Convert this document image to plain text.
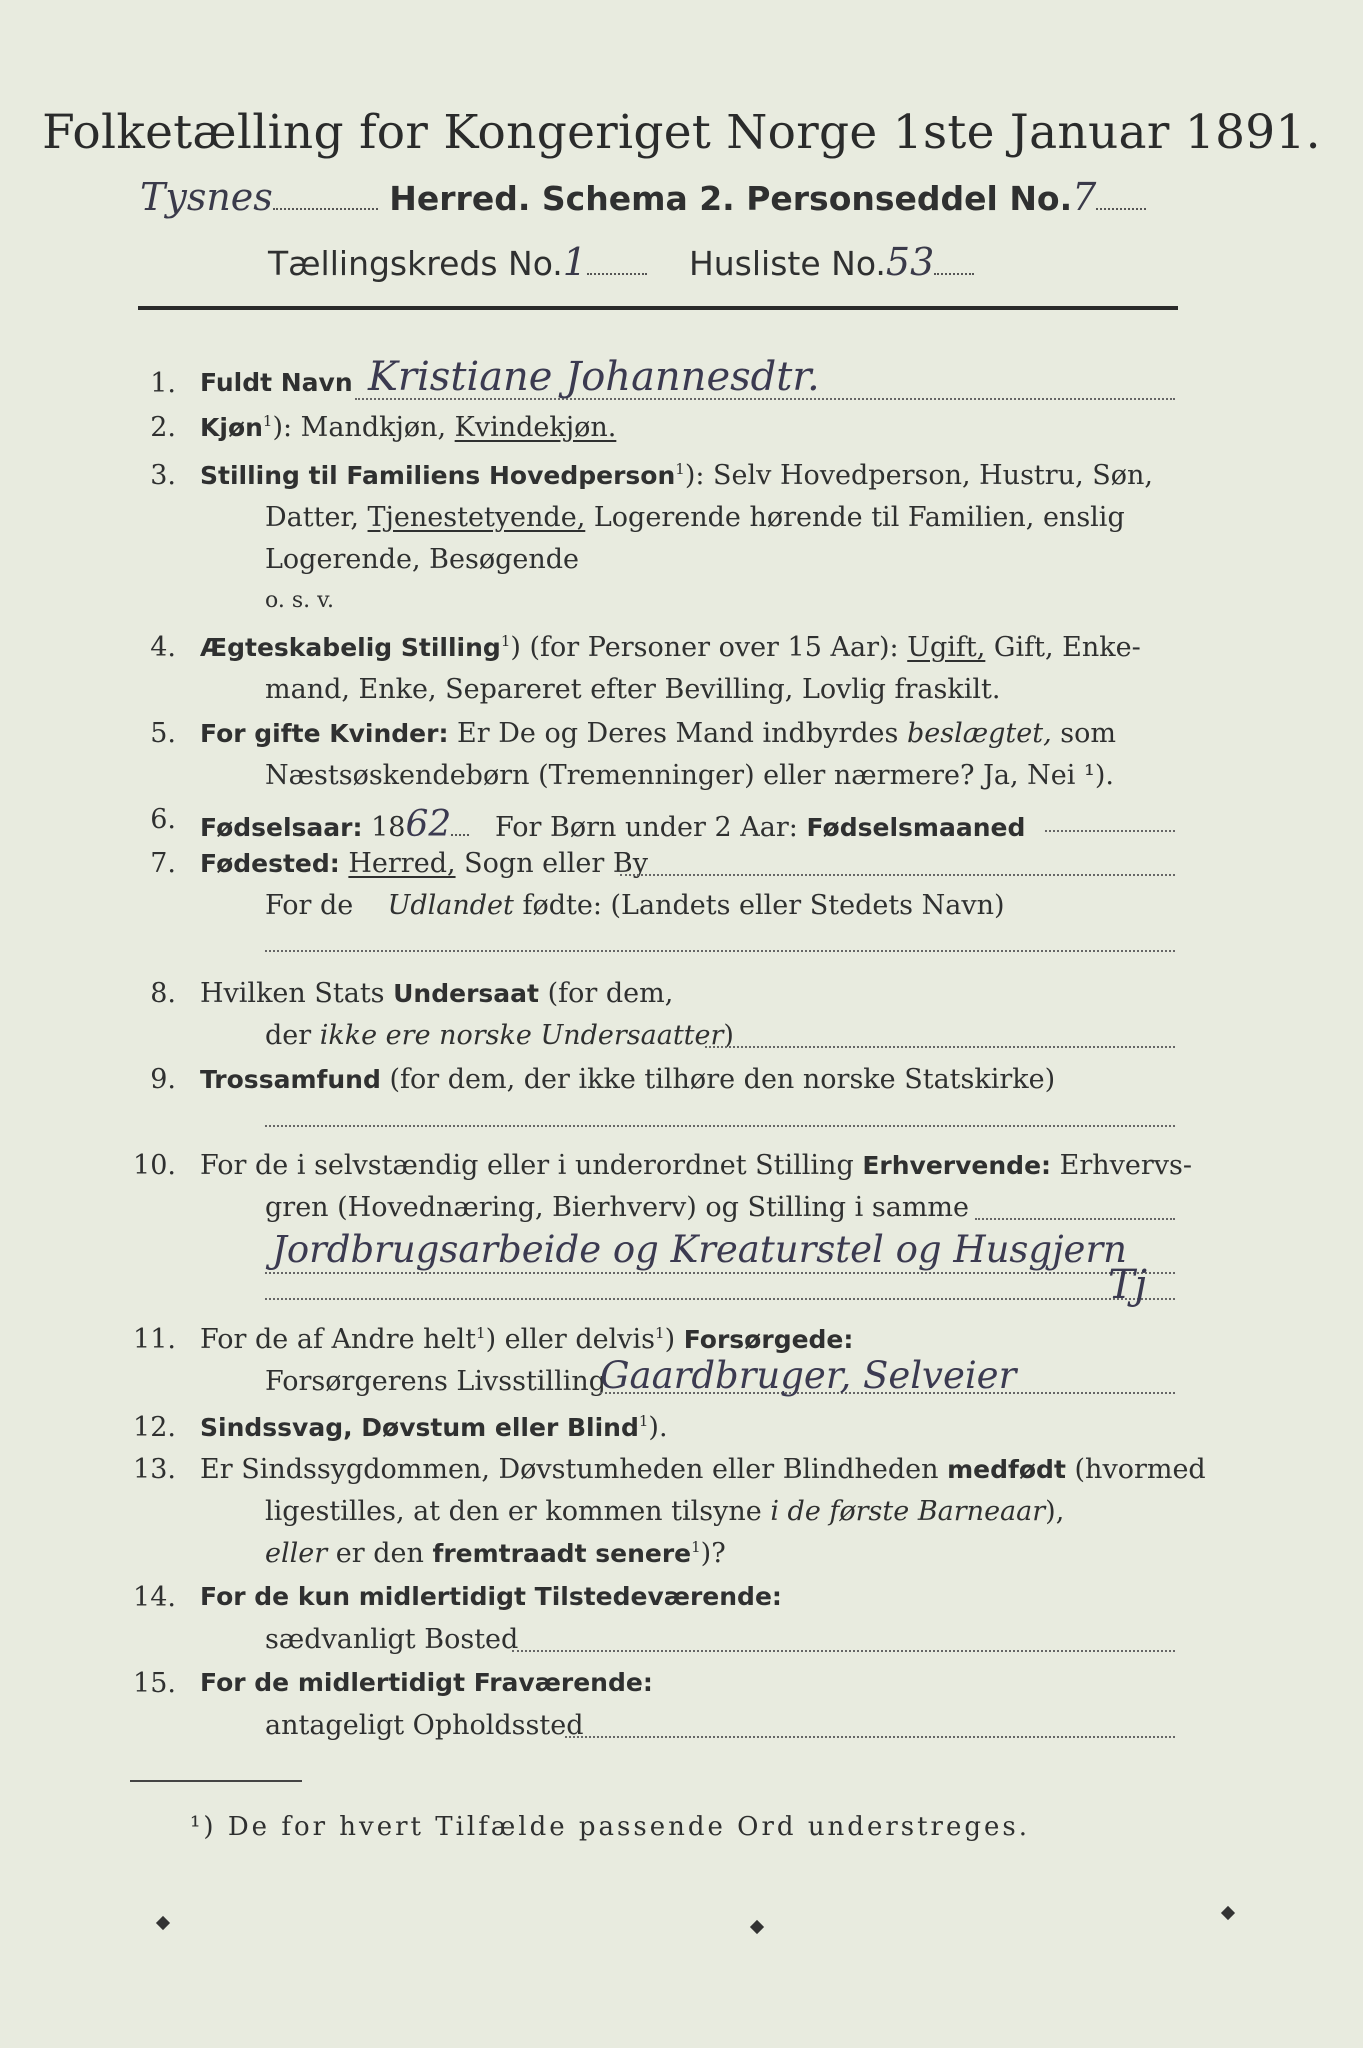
Folketælling for Kongeriget Norge 1ste Januar 1891.
Tysnes	Herred. Schema 2. Personseddel No.7
Tællingskreds No.1	Husliste No.53
1. Fuldt Navn Kristiane Johannesdtr.
2. Kjøn$^1$): Mandkjøn, Kvindekjøn.
3. Stilling til Familiens Hovedperson$^1$): Selv Hovedperson, Hustru, Søn,
Datter, Tjenestetyende, Logerende hørende til Familien, enslig
Logerende, Besøgende
o. s. v.
4. Ægteskabelig Stilling$^1$) (for Personer over 15 Aar): Ugift, Gift, Enke-
mand, Enke, Separeret efter Bevilling, Lovlig fraskilt.
5. For gifte Kvinder: Er De og Deres Mand indbyrdes beslægtet, som
Næstsøskendebørn (Tremenninger) eller nærmere? Ja, Nei ¹).
6. Fødselsaar: 1862 For Børn under 2 Aar: Fødselsmaaned
7. Fødested: Herred, Sogn eller By
For de Udlandet fødte: (Landets eller Stedets Navn)
8. Hvilken Stats Undersaat (for dem,
der ikke ere norske Undersaatter)
9. Trossamfund (for dem, der ikke tilhøre den norske Statskirke)
10. For de i selvstændig eller i underordnet Stilling Erhvervende: Erhvervs-
gren (Hovednæring, Bierhverv) og Stilling i samme
Jordbrugsarbeide og Kreaturstel og Husgjern
Tj
11. For de af Andre helt$^1$) eller delvis$^1$) Forsørgede:
Forsørgerens Livsstilling
Gaardbruger, Selveier
12. Sindssvag, Døvstum eller Blind$^1$).
13. Er Sindssygdommen, Døvstumheden eller Blindheden medfødt (hvormed
ligestilles, at den er kommen tilsyne i de første Barneaar),
eller er den fremtraadt senere$^1$)?
14. For de kun midlertidigt Tilstedeværende:
sædvanligt Bosted
15. For de midlertidigt Fraværende:
antageligt Opholdssted
¹) De for hvert Tilfælde passende Ord understreges.
